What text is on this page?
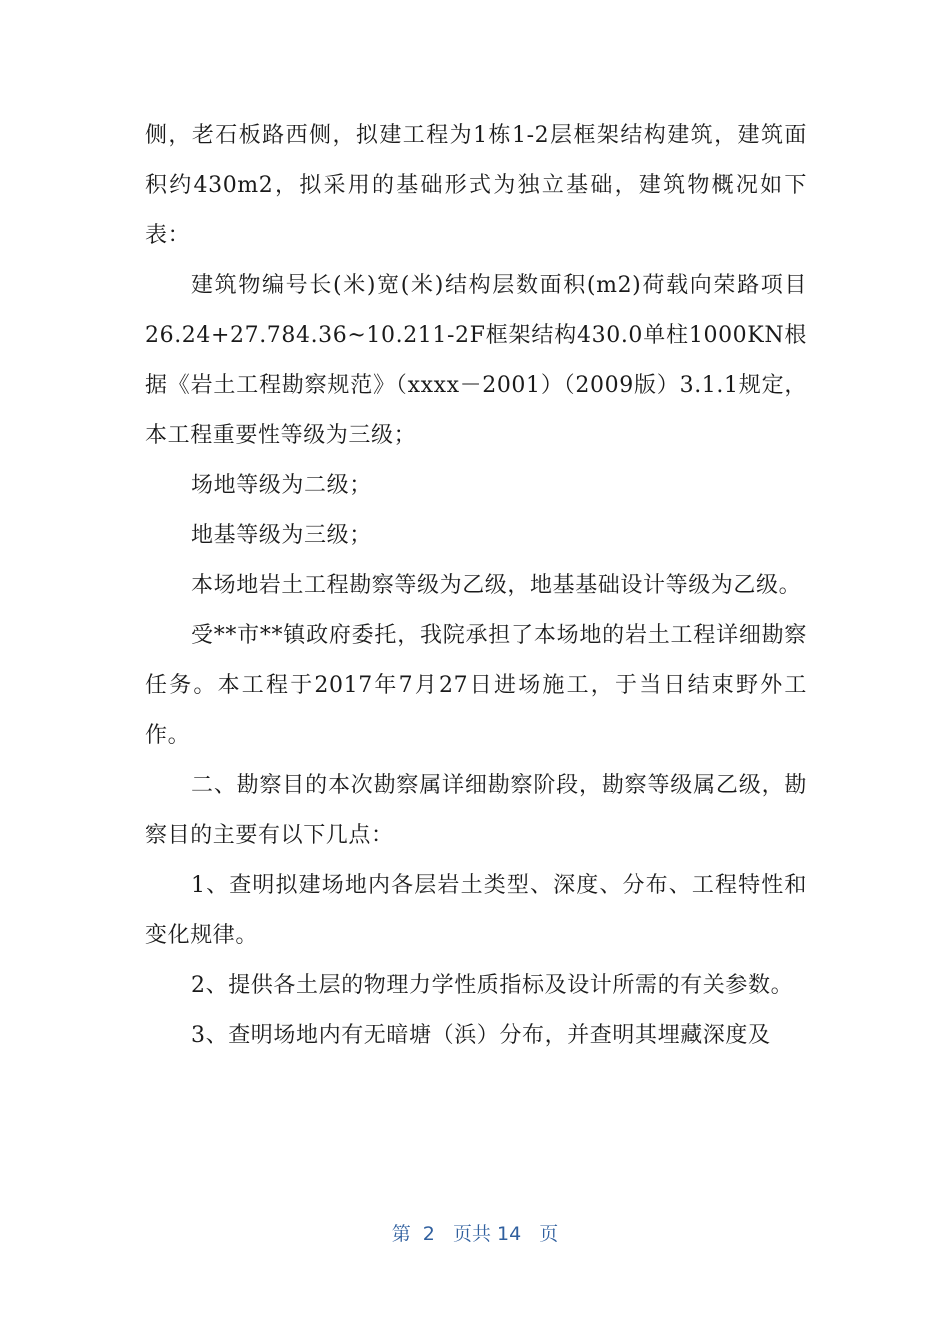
侧，老石板路西侧，拟建工程为1栋1-2层框架结构建筑，建筑面积约430m2，拟采用的基础形式为独立基础，建筑物概况如下表：

建筑物编号长(米)宽(米)结构层数面积(m2)荷载向荣路项目26.24+27.784.36~10.211-2F框架结构430.0单柱1000KN根据《岩土工程勘察规范》（xxxx－2001）（2009版）3.1.1规定，本工程重要性等级为三级；

场地等级为二级；

地基等级为三级；

本场地岩土工程勘察等级为乙级，地基基础设计等级为乙级。

受**市**镇政府委托，我院承担了本场地的岩土工程详细勘察任务。本工程于2017年7月27日进场施工，于当日结束野外工作。

二、勘察目的本次勘察属详细勘察阶段，勘察等级属乙级，勘察目的主要有以下几点：

1、查明拟建场地内各层岩土类型、深度、分布、工程特性和变化规律。

2、提供各土层的物理力学性质指标及设计所需的有关参数。

3、查明场地内有无暗塘（浜）分布，并查明其埋藏深度及

第  2   页共 14   页
